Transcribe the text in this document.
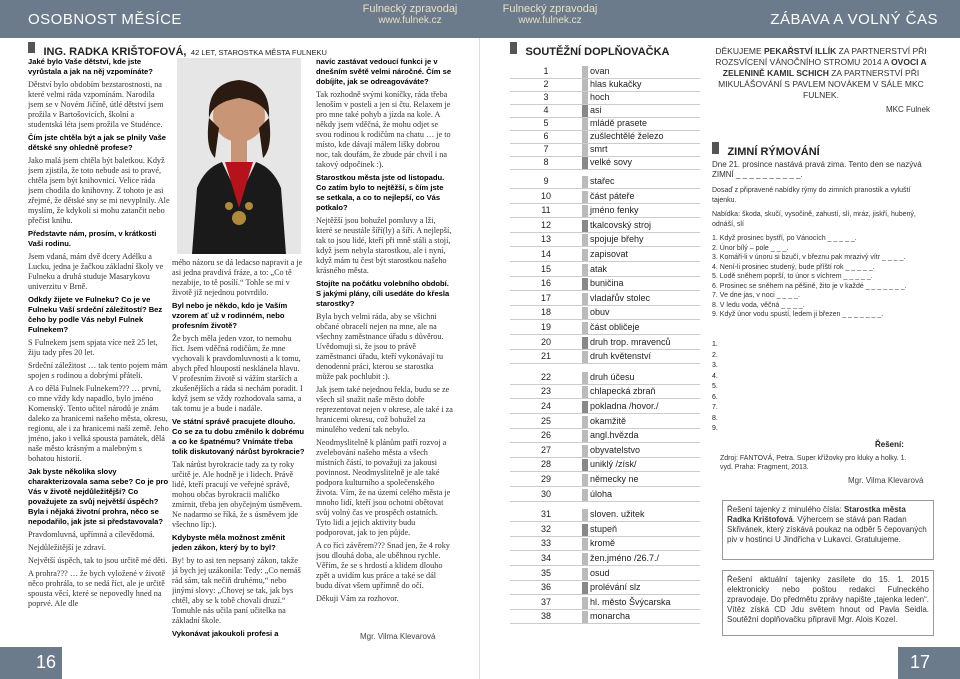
OSOBNOST MĚSÍCE
Fulnecký zpravodaj
www.fulnek.cz
Fulnecký zpravodaj
www.fulnek.cz	ZÁBAVA A VOLNÝ ČAS
ING. RADKA KRIŠTOFOVÁ, 42 LET, STAROSTKA MĚSTA FULNEKU

Jaké bylo Vaše dětství, kde jste vyrůstala a jak na něj vzpomínáte?

Dětství bylo obdobím bezstarostnosti, na které velmi ráda vzpomínám. Narodila jsem se v Novém Jičíně, útlé dětství jsem prožila v Bartošovicích, školní a studentská léta jsem prožila ve Studénce.

Čím jste chtěla být a jak se plnily Vaše dětské sny ohledně profese?

Jako malá jsem chtěla být baletkou. Když jsem zjistila, že toto nebude asi to pravé, chtěla jsem být knihovnicí. Velice ráda jsem chodila do knihovny. Z tohoto je asi zřejmé, že dětské sny se mi nevyplnily. Ale myslím, že kdykoli si mohu zatančit nebo přečíst knihu.

Představte nám, prosím, v krátkosti Vaši rodinu.

Jsem vdaná, mám dvě dcery Adélku a Lucku, jedna je žačkou základní školy ve Fulneku a druhá studuje Masarykovu univerzitu v Brně.

Odkdy žijete ve Fulneku? Co je ve Fulneku Vaší srdeční záležitostí? Bez čeho by podle Vás nebyl Fulnek Fulnekem?

S Fulnekem jsem spjata více než 25 let, žiju tady přes 20 let.

Srdeční záležitost … tak tento pojem mám spojen s rodinou a dobrými přáteli.

A co dělá Fulnek Fulnekem??? … první, co mne vždy kdy napadlo, bylo jméno Komenský. Tento učitel národů je znám daleko za hranicemi našeho města, okresu, regionu, ale i za hranicemi naší země. Jeho jméno, jako i velká spousta památek, dělá naše město krásným a malebným s bohatou historií.

Jak byste několika slovy charakterizovala sama sebe? Co je pro Vás v životě nejdůležitější? Co považujete za svůj největší úspěch? Byla i nějaká životní prohra, něco se nepodařilo, jak jste si představovala?

Pravdomluvná, upřímná a cílevědomá.

Nejdůležitější je zdraví.

Největší úspěch, tak to jsou určitě mé děti.

A prohra??? … že bych vyložené v životě něco prohrála, to se nedá říct, ale je určitě spousta věcí, které se nepovedly hned na poprvé. Ale dle

mého názoru se dá ledacso napravit a je asi jedna pravdivá fráze, a to: „Co tě nezabije, to tě posílí.“ Tohle se mi v životě již nejednou potvrdilo.

Byl nebo je někdo, kdo je Vaším vzorem ať už v rodinném, nebo profesním životě?

Že bych měla jeden vzor, to nemohu říct. Jsem vděčná rodičům, že mne vychovali k pravdomluvnosti a k tomu, abych před hloupostí nesklánela hlavu. V profesním životě si vážím starších a zkušenějších a ráda si nechám poradit. I když jsem se vždy rozhodovala sama, a tak tomu je a bude i nadále.

Ve státní správě pracujete dlouho. Co se za tu dobu změnilo k dobrému a co ke špatnému? Vnímáte třeba tolik diskutovaný nárůst byrokracie?

Tak nárůst byrokracie tady za ty roky určitě je. Ale hodně je i lidech. Právě lidé, kteří pracují ve veřejné správě, mohou občas byrokracii maličko zmírnit, třeba jen obyčejným úsměvem. Ne nadarmo se říká, že s úsměvem jde všechno líp:).

Kdybyste měla možnost změnit jeden zákon, který by to byl?

By! by to asi ten nepsaný zákon, takže já bych jej uzákonila: Tedy: „Co nemáš rád sám, tak nečiň druhému,“ nebo jinými slovy: „Chovej se tak, jak bys chtěl, aby se k tobě chovali druzí.“ Tomuhle nás učila paní učitelka na základní škole.

Vykonávat jakoukoli profesi a

navíc zastávat vedoucí funkci je v dnešním světě velmi náročné. Čím se dobíjíte, jak se odreagováváte?

Tak rozhodně svými koníčky, ráda třeba lenoším v posteli a jen si čtu. Relaxem je pro mne také pohyb a jízda na kole. A někdy jsem vděčná, že mohu odjet se svou rodinou k rodičům na chatu … je to místo, kde dávají málem lišky dobrou noc, tak doufám, že zbude pár chvil i na takový odpočinek :).

Starostkou města jste od listopadu. Co zatím bylo to nejtěžší, s čím jste se setkala, a co to nejlepší, co Vás potkalo?

Nejtěžší jsou bohužel pomluvy a lži, které se neustále šíří(ly) a šíří. A nejlepší, tak to jsou lidé, kteří při mně stáli a stojí, když jsem nebyla starostkou, ale i nyní, když mám tu čest být starostkou našeho krásného města.

Stojíte na počátku volebního období. S jakými plány, cíli usedáte do křesla starostky?

Byla bych velmi ráda, aby se všichni občané obraceli nejen na mne, ale na všechny zaměstnance úřadu s důvěrou. Uvědomuji si, že jsou to právě zaměstnanci úřadu, kteří vykonávají tu denodenní práci, kterou se starostka může pak pochlubit :).

Jak jsem také nejednou řekla, budu se ze všech sil snažit naše město dobře reprezentovat nejen v okrese, ale také i za hranicemi okresu, což bohužel za minulého vedení tak nebylo.

Neodmyslitelně k plánům patří rozvoj a zvelebování našeho města a všech místních částí, to považuji za jakousi povinnost. Neodmyslitelně je ale také podpora kulturního a společenského života. Vím, že na území celého města je mnoho lidí, kteří jsou ochotni obětovat svůj volný čas ve prospěch ostatních. Tyto lidi a jejich aktivity budu podporovat, jak to jen půjde.

A co říci závěrem??? Snad jen, že 4 roky jsou dlouhá doba, ale uběhnou rychle. Věřím, že se s hrdostí a klidem dlouho zpět a uvidím kus práce a také se dál budu dívat všem upřímně do očí.

Děkuji Vám za rozhovor.

Mgr. Vilma Klevarová
16	17
SOUTĚŽNÍ DOPLŇOVAČKA
1	ovan
2	hlas kukačky
3	hoch
4	asi
5	mládě prasete
6	zušlechtělé železo
7	smrt
8	velké sovy
9	stařec
10	část páteře
11	jméno fenky
12	tkalcovský stroj
13	spojuje břehy
14	zapisovat
15	atak
16	buničina
17	vladařův stolec
18	obuv
19	část obličeje
20	druh trop. mravenců
21	druh květenství
22	druh účesu
23	chlapecká zbraň
24	pokladna /hovor./
25	okamžitě
26	angl.hvězda
27	obyvatelstvo
28	uniklý /získ/
29	německy ne
30	úloha
31	sloven. užitek
32	stupeň
33	kromě
34	žen.jméno /26.7./
35	osud
36	prolévání slz
37	hl. město Švýcarska
38	monarcha
DĚKUJEME PEKAŘSTVÍ ILLÍK ZA PARTNERSTVÍ PŘI ROZSVÍCENÍ VÁNOČNÍHO STROMU 2014 A OVOCI A ZELENINĚ KAMIL SCHICH ZA PARTNERSTVÍ PŘI MIKULÁŠOVÁNÍ S PAVLEM NOVÁKEM V SÁLE MKC FULNEK.
MKC Fulnek
ZIMNÍ RÝMOVÁNÍ
Dne 21. prosince nastává pravá zima. Tento den se nazývá ZIMNÍ _ _ _ _ _ _ _ _ _ _.
Dosaď z připravené nabídky rýmy do zimních pranostik a vyluští tajenku.
Nabídka: škoda, skučí, vysočině, zahustí, slí, mráz, jiskří, hubený, odnáší, slí
1. Když prosinec bystří, po Vánocích _ _ _ _ _.
2. Únor bílý – pole _ _ _.
3. Komáři-li v únoru si bzučí, v březnu pak mrazivý vítr _ _ _ _.
4. Není-li prosinec studený, bude příští rok _ _ _ _ _.
5. Lodě sněhem poprší, to únor s víchrem _ _ _ _ _.
6. Prosinec se sněhem na pěšině, žito je v každé _ _ _ _ _ _ _.
7. Ve dne jas, v noci _ _ _ _.
8. V ledu voda, věčná _ _ _ _.
9. Když únor vodu spustí, ledem ji březen _ _ _ _ _ _ _.
1.
2.
3.
4.
5.
6.
7.
8.
9.
Řešení:
Zdroj: FANTOVÁ, Petra. Super křížovky pro kluky a holky. 1. vyd. Praha: Fragment, 2013.
Mgr. Vilma Klevarová
Řešení tajenky z minulého čísla: Starostka města Radka Krištofová. Výhercem se stává pan Radan Skřivánek, který získává poukaz na odběr 5 čepovaných piv v hostinci U Jindřicha v Lukavci. Gratulujeme.
Řešení aktuální tajenky zasílete do 15. 1. 2015 elektronicky nebo poštou redakci Fulneckého zpravodaje. Do předmětu zprávy napište „tajenka leden“. Vítěz získá CD Jdu světem hnout od Pavla Seidla. Soutěžní doplňovačku připravil Mgr. Alois Kozel.
